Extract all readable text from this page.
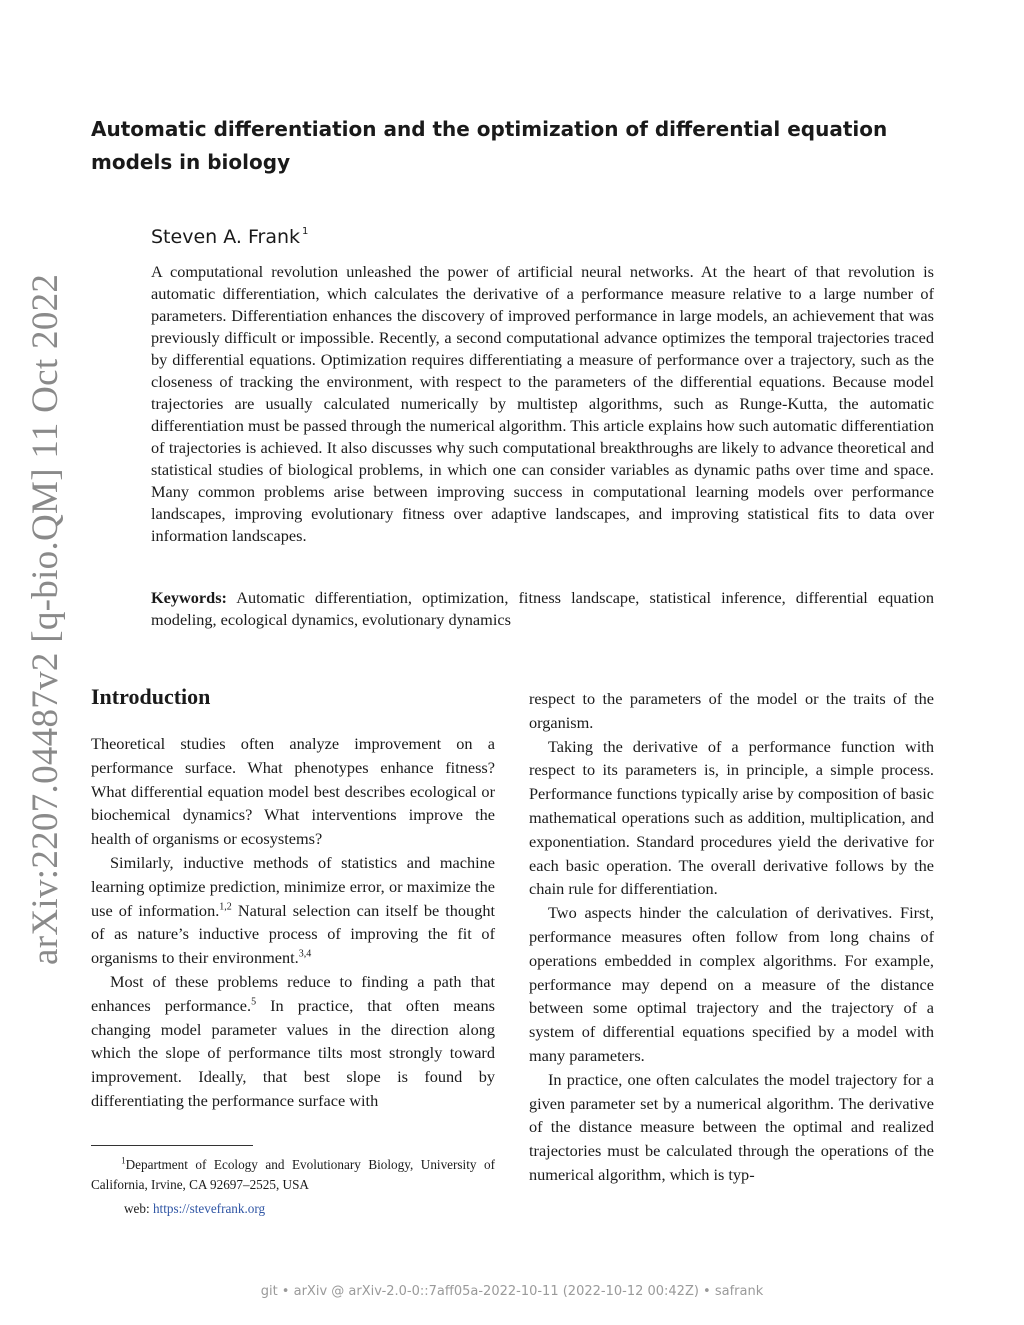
arXiv:2207.04487v2 [q-bio.QM] 11 Oct 2022
Automatic differentiation and the optimization of differential equation models in biology
Steven A. Frank $^1$

A computational revolution unleashed the power of artificial neural networks. At the heart of that revolution is automatic differentiation, which calculates the derivative of a performance measure relative to a large number of parameters. Differentiation enhances the discovery of improved performance in large models, an achievement that was previously difficult or impossible. Recently, a second computational advance optimizes the temporal trajectories traced by differential equations. Optimization requires differentiating a measure of performance over a trajectory, such as the closeness of tracking the environment, with respect to the parameters of the differential equations. Because model trajectories are usually calculated numerically by multistep algorithms, such as Runge-Kutta, the automatic differentiation must be passed through the numerical algorithm. This article explains how such automatic differentiation of trajectories is achieved. It also discusses why such computational breakthroughs are likely to advance theoretical and statistical studies of biological problems, in which one can consider variables as dynamic paths over time and space. Many common problems arise between improving success in computational learning models over performance landscapes, improving evolutionary fitness over adaptive landscapes, and improving statistical fits to data over information landscapes.

Keywords: Automatic differentiation, optimization, fitness landscape, statistical inference, differential equation modeling, ecological dynamics, evolutionary dynamics

Introduction

Theoretical studies often analyze improvement on a performance surface. What phenotypes enhance fitness? What differential equation model best describes ecological or biochemical dynamics? What interventions improve the health of organisms or ecosystems?

Similarly, inductive methods of statistics and machine learning optimize prediction, minimize error, or maximize the use of information.$^{1,2}$ Natural selection can itself be thought of as nature’s inductive process of improving the fit of organisms to their environment.$^{3,4}$

Most of these problems reduce to finding a path that enhances performance.$^5$ In practice, that often means changing model parameter values in the direction along which the slope of performance tilts most strongly toward improvement. Ideally, that best slope is found by differentiating the performance surface with

respect to the parameters of the model or the traits of the organism.

Taking the derivative of a performance function with respect to its parameters is, in principle, a simple process. Performance functions typically arise by composition of basic mathematical operations such as addition, multiplication, and exponentiation. Standard procedures yield the derivative for each basic operation. The overall derivative follows by the chain rule for differentiation.

Two aspects hinder the calculation of derivatives. First, performance measures often follow from long chains of operations embedded in complex algorithms. For example, performance may depend on a measure of the distance between some optimal trajectory and the trajectory of a system of differential equations specified by a model with many parameters.

In practice, one often calculates the model trajectory for a given parameter set by a numerical algorithm. The derivative of the distance measure between the optimal and realized trajectories must be calculated through the operations of the numerical algorithm, which is typ-

$^1$Department of Ecology and Evolutionary Biology, University of California, Irvine, CA 92697–2525, USA
web: https://stevefrank.org
git • arXiv @ arXiv-2.0-0::7aff05a-2022-10-11 (2022-10-12 00:42Z) • safrank
